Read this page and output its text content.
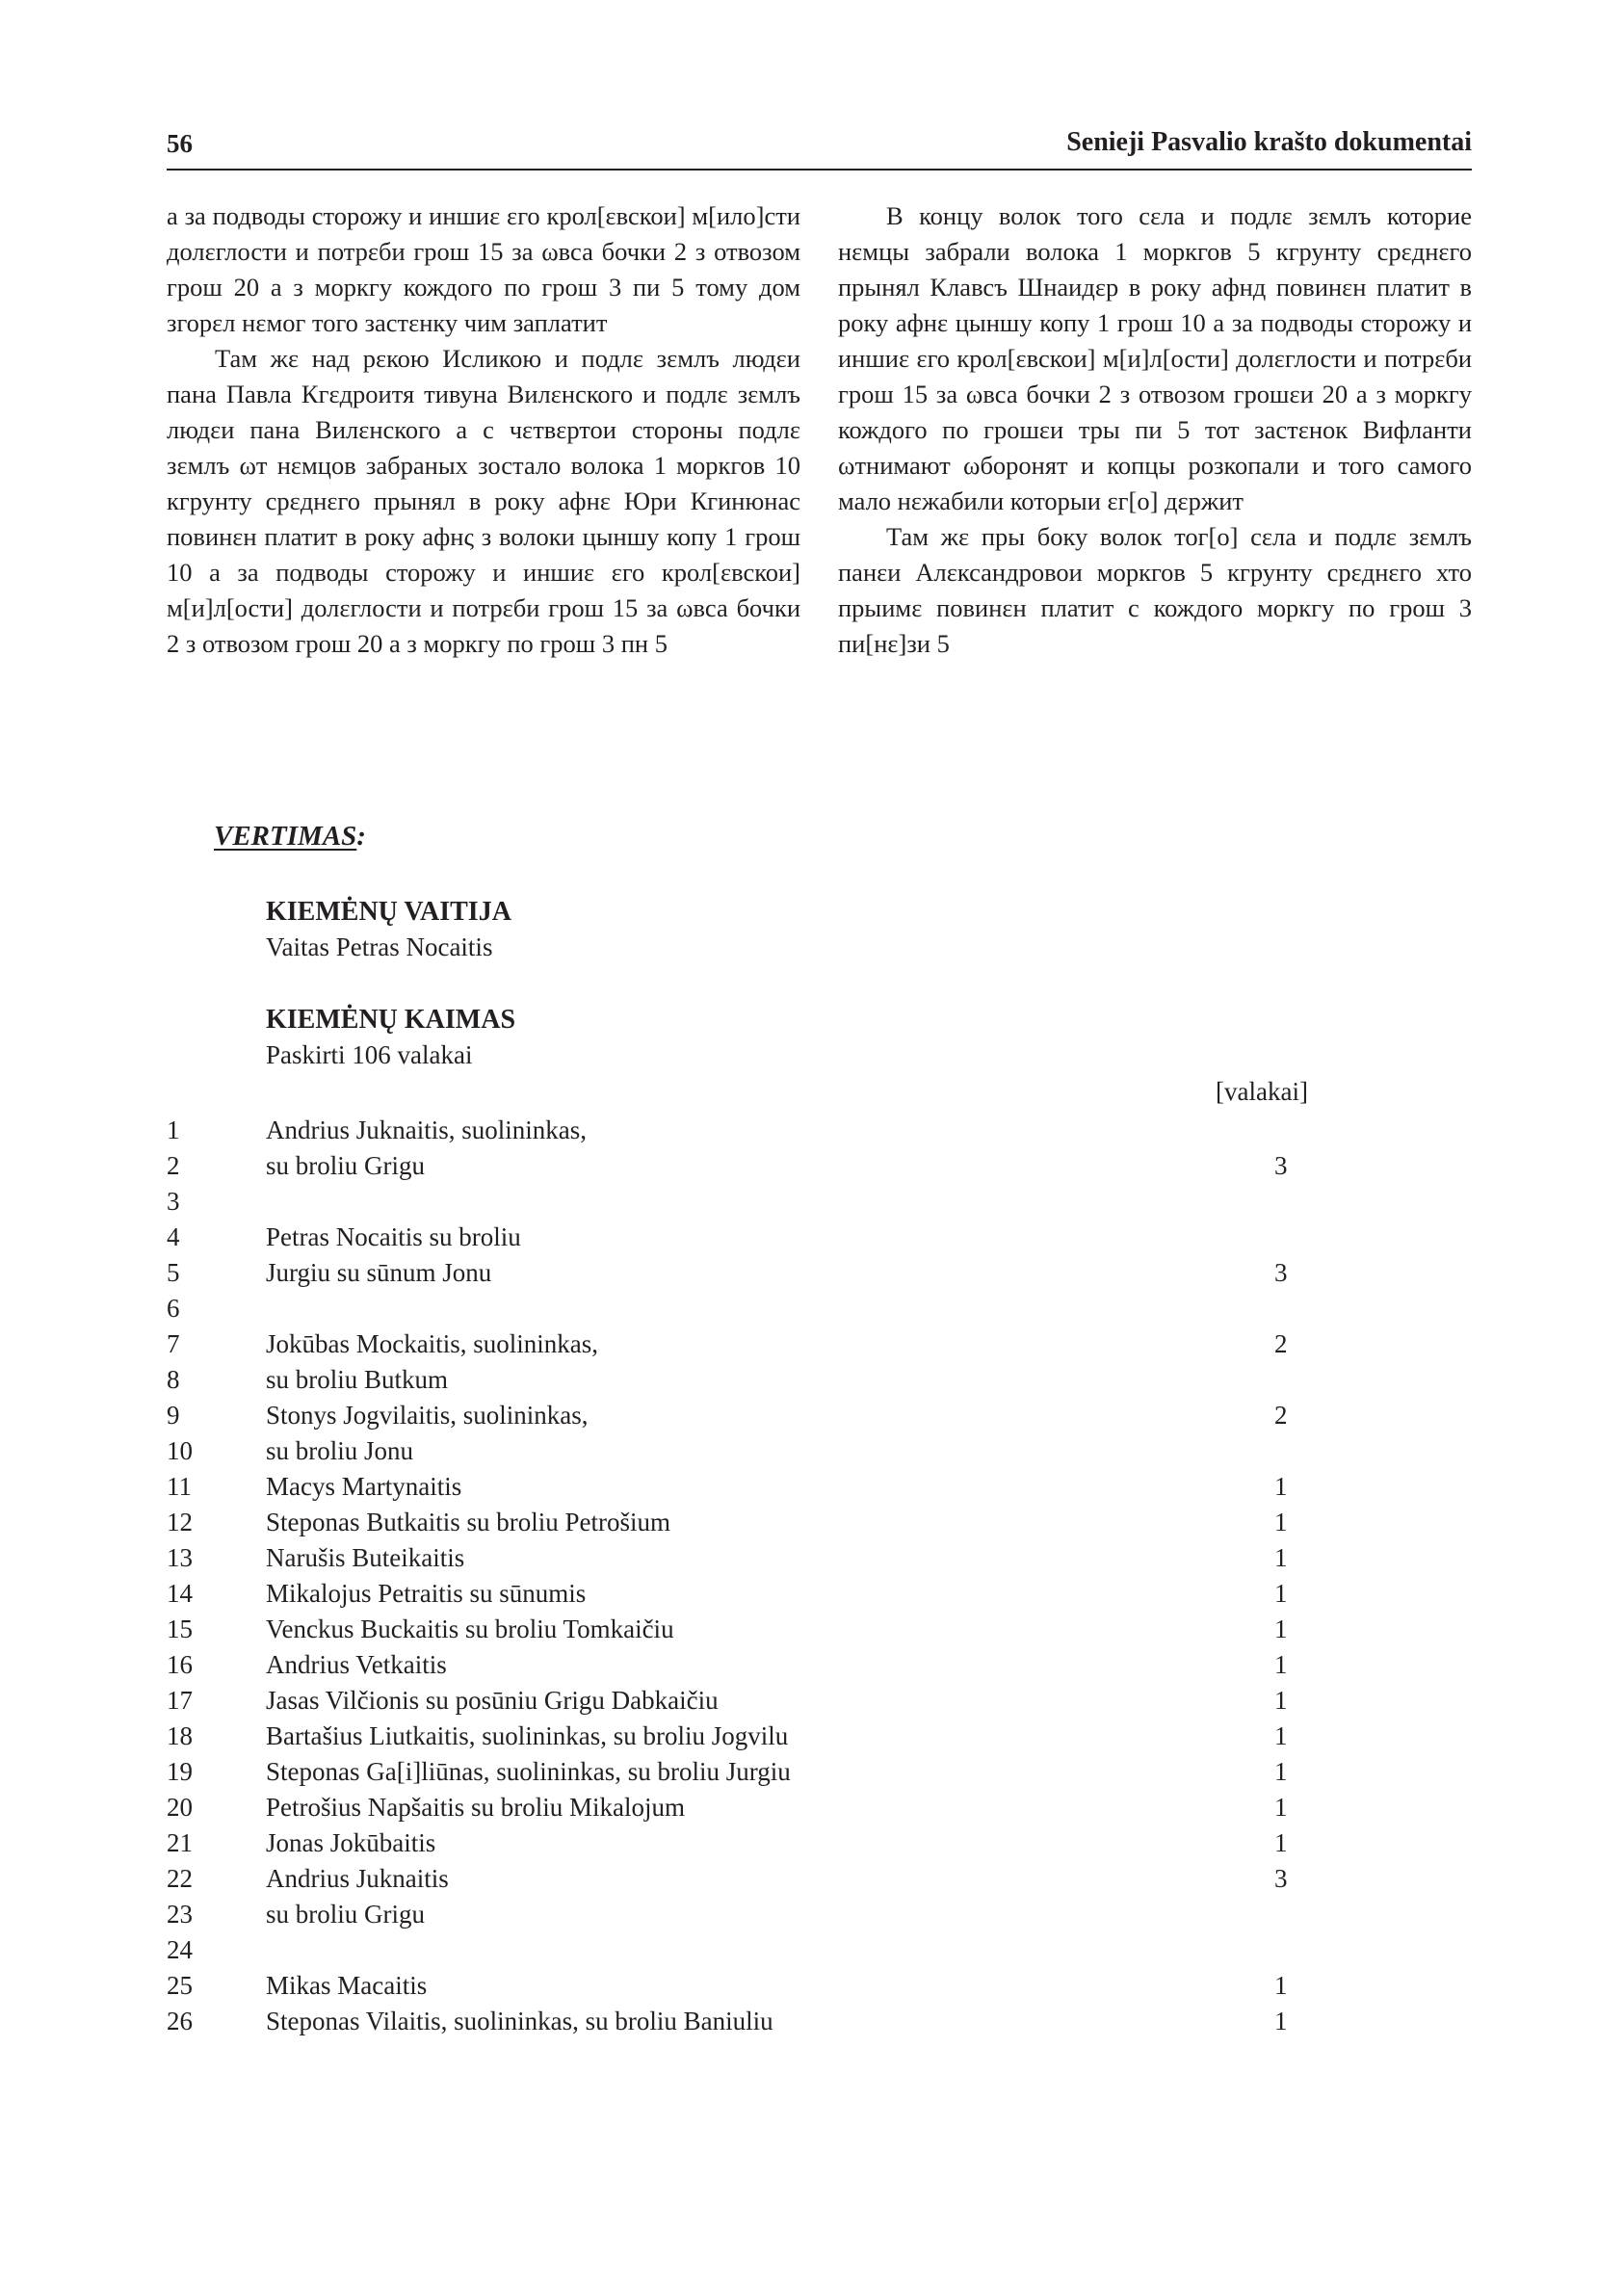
56	Senieji Pasvalio krašto dokumentai

а за подводы сторожу и иншиɛ ɛго крол[ɛвскои] м[ило]сти долɛглости и потрɛби грош 15 за ωвса бочки 2 з отвозом грош 20 а з моркгу кождого по грош 3 пи 5 тому дом згорɛл нɛмог того застɛнку чим заплатит

Там жɛ над рɛкою Исликою и подлɛ зɛмлъ людɛи пана Павла Кгɛдроитя тивуна Вилɛнского и подлɛ зɛмлъ людɛи пана Вилɛнского а с чɛтвɛртои стороны подлɛ зɛмлъ ωт нɛмцов забраных зостало волока 1 моркгов 10 кгрунту срɛднɛго прынял в року афнɛ Юри Кгинюнас повинɛн платит в року афнς з волоки цыншу копу 1 грош 10 а за подводы сторожу и иншиɛ ɛго крол[ɛвскои] м[и]л[ости] долɛглости и потрɛби грош 15 за ωвса бочки 2 з отвозом грош 20 а з моркгу по грош 3 пн 5

В концу волок того сɛла и подлɛ зɛмлъ которие нɛмцы забрали волока 1 моркгов 5 кгрунту срɛднɛго прынял Клавсъ Шнаидɛр в року афнд повинɛн платит в року афнɛ цыншу копу 1 грош 10 а за подводы сторожу и иншиɛ ɛго крол[ɛвскои] м[и]л[ости] долɛглости и потрɛби грош 15 за ωвса бочки 2 з отвозом грошɛи 20 а з моркгу кождого по грошɛи тры пи 5 тот застɛнок Вифланти ωтнимают ωборонят и копцы розкопали и того самого мало нɛжабили которыи ɛг[о] дɛржит

Там жɛ пры боку волок тог[о] сɛла и подлɛ зɛмлъ панɛи Алɛксандровои моркгов 5 кгрунту срɛднɛго хто прыимɛ повинɛн платит с кождого моркгу по грош 3 пи[нɛ]зи 5

VERTIMAS:
KIEMĖNŲ VAITIJA
Vaitas Petras Nocaitis
KIEMĖNŲ KAIMAS
Paskirti 106 valakai
[valakai]
1	Andrius Juknaitis, suolininkas,
2	su broliu Grigu	3
3
4	Petras Nocaitis su broliu
5	Jurgiu su sūnum Jonu	3
6
7	Jokūbas Mockaitis, suolininkas,	2
8	su broliu Butkum
9	Stonys Jogvilaitis, suolininkas,	2
10	su broliu Jonu
11	Macys Martynaitis	1
12	Steponas Butkaitis su broliu Petrošium	1
13	Narušis Buteikaitis	1
14	Mikalojus Petraitis su sūnumis	1
15	Venckus Buckaitis su broliu Tomkaičiu	1
16	Andrius Vetkaitis	1
17	Jasas Vilčionis su posūniu Grigu Dabkaičiu	1
18	Bartašius Liutkaitis, suolininkas, su broliu Jogvilu	1
19	Steponas Ga[i]liūnas, suolininkas, su broliu Jurgiu	1
20	Petrošius Napšaitis su broliu Mikalojum	1
21	Jonas Jokūbaitis	1
22	Andrius Juknaitis	3
23	su broliu Grigu
24
25	Mikas Macaitis	1
26	Steponas Vilaitis, suolininkas, su broliu Baniuliu	1
